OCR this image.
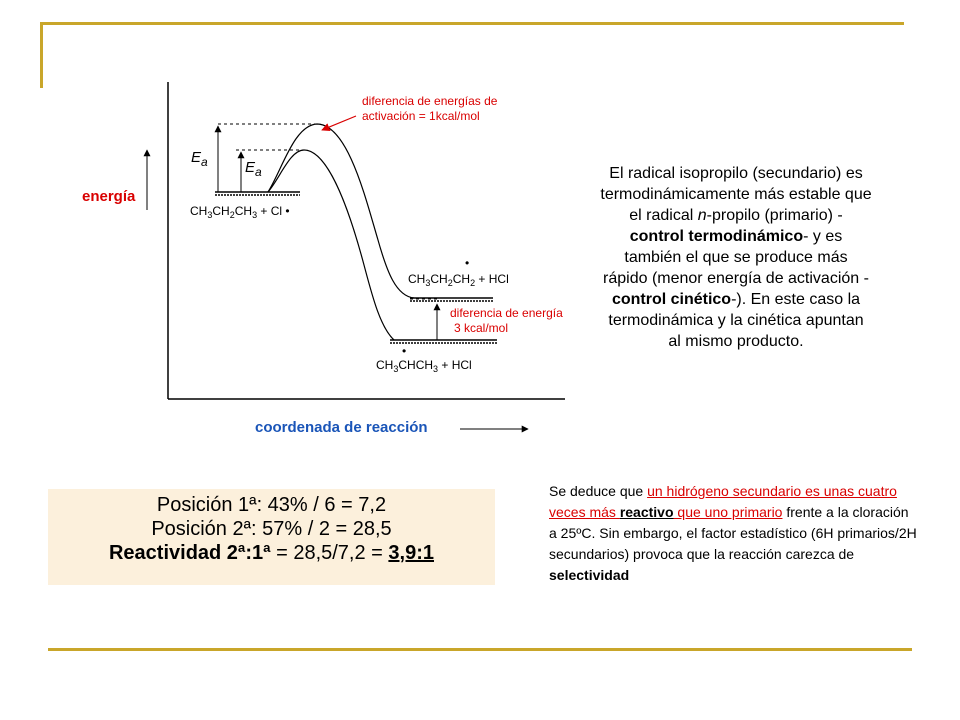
energía
coordenada de reacción
$E_a$ $E_a$
$CH_3CH_2CH_3 + Cl$ •
•
$CH_3CH_2CH_2$ + HCl
•
$CH_3CHCH_3$ + HCl
diferencia de energías de
activación = 1kcal/mol
diferencia de energía
3 kcal/mol
El radical isopropilo (secundario) es termodinámicamente más estable que el radical n-propilo (primario) - control termodinámico- y es también el que se produce más rápido (menor energía de activación - control cinético-). En este caso la termodinámica y la cinética apuntan al mismo producto.
Posición 1ª: 43% / 6 = 7,2
Posición 2ª: 57% / 2 = 28,5
Reactividad 2ª:1ª = 28,5/7,2 = 3,9:1
Se deduce que un hidrógeno secundario es unas cuatro veces más reactivo que uno primario frente a la cloración a 25ºC. Sin embargo, el factor estadístico (6H primarios/2H secundarios) provoca que la reacción carezca de selectividad
